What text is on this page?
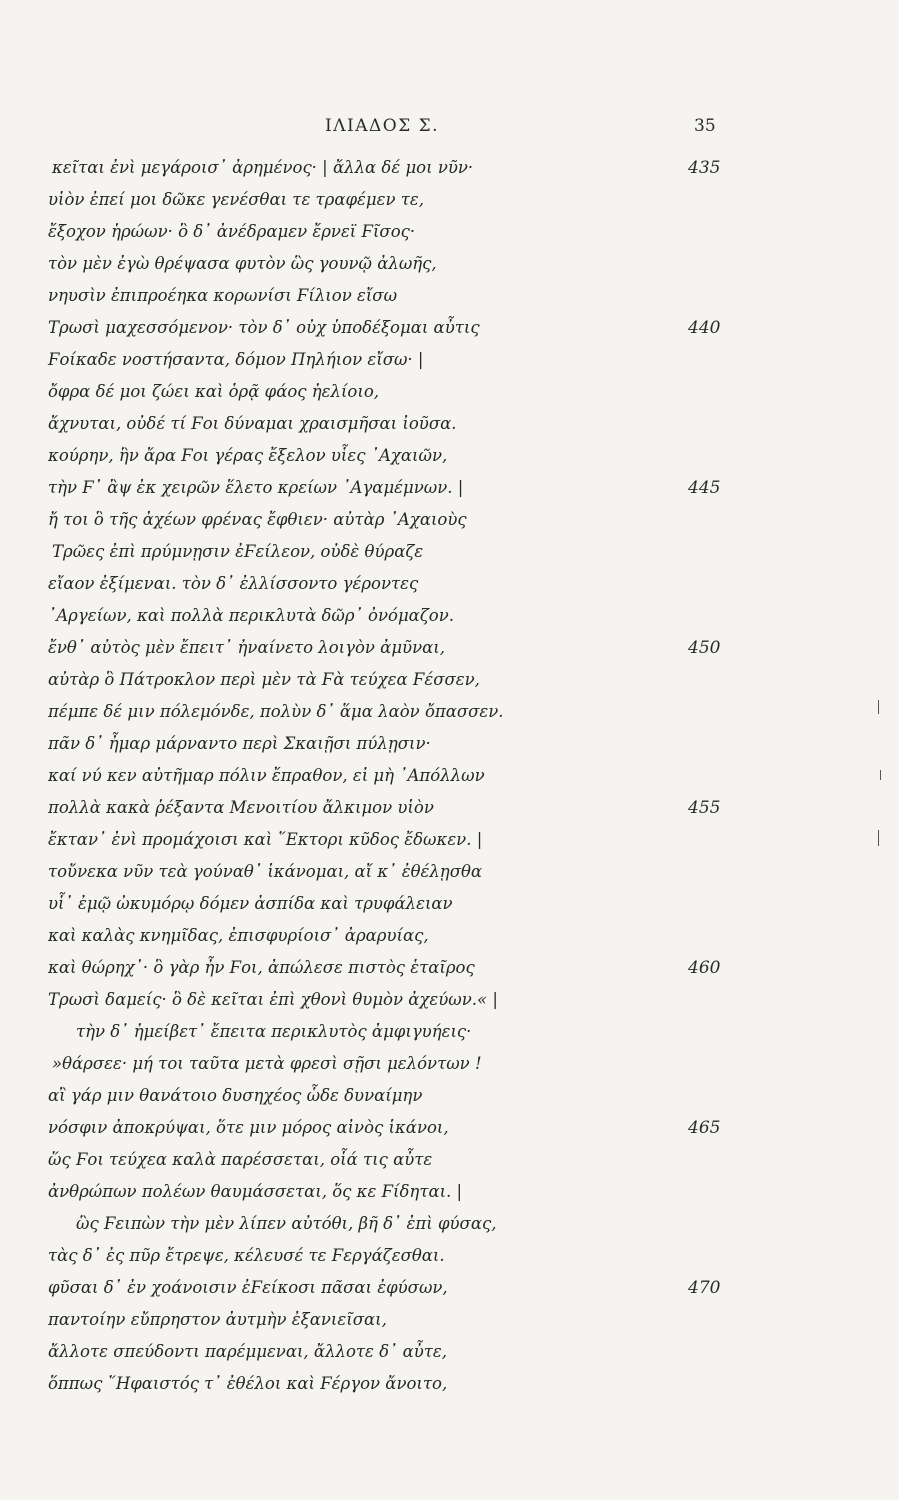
ΙΛΙΑΔΟΣ Σ.	35
κεῖται ἐνὶ μεγάροισ᾽ ἀρημένος· | ἄλλα δέ μοι νῦν·	435
υἱὸν ἐπεί μοι δῶκε γενέσθαι τε τραφέμεν τε,
ἔξοχον ἡρώων· ὃ δ᾽ ἀνέδραμεν ἔρνεϊ Ϝῖσος·
τὸν μὲν ἐγὼ θρέψασα φυτὸν ὣς γουνῷ ἀλωῆς,
νηυσὶν ἐπιπροέηκα κορωνίσι Ϝίλιον εἴσω
Τρωσὶ μαχεσσόμενον· τὸν δ᾽ οὐχ ὑποδέξομαι αὖτις	440
Ϝοίκαδε νοστήσαντα, δόμον Πηλήιον εἴσω· |
ὄφρα δέ μοι ζώει καὶ ὁρᾷ φάος ἠελίοιο,
ἄχνυται, οὐδέ τί Ϝοι δύναμαι χραισμῆσαι ἰοῦσα.
κούρην, ἣν ἄρα Ϝοι γέρας ἔξελον υἷες ᾿Αχαιῶν,
τὴν Ϝ᾽ ἂψ ἐκ χειρῶν ἕλετο κρείων ᾿Αγαμέμνων. |	445
ἤ τοι ὃ τῆς ἀχέων φρένας ἔφθιεν· αὐτὰρ ᾿Αχαιοὺς
Τρῶες ἐπὶ πρύμνῃσιν ἐϜείλεον, οὐδὲ θύραζε
εἴαον ἐξίμεναι. τὸν δ᾽ ἐλλίσσοντο γέροντες
᾿Αργείων, καὶ πολλὰ περικλυτὰ δῶρ᾽ ὀνόμαζον.
ἔνθ᾽ αὐτὸς μὲν ἔπειτ᾽ ἠναίνετο λοιγὸν ἀμῦναι,	450
αὐτὰρ ὃ Πάτροκλον περὶ μὲν τὰ Ϝὰ τεύχεα Ϝέσσεν,
πέμπε δέ μιν πόλεμόνδε, πολὺν δ᾽ ἅμα λαὸν ὄπασσεν.
πᾶν δ᾽ ἦμαρ μάρναντο περὶ Σκαιῇσι πύλῃσιν·
καί νύ κεν αὐτῆμαρ πόλιν ἔπραθον, εἰ μὴ ᾿Απόλλων
πολλὰ κακὰ ῥέξαντα Μενοιτίου ἄλκιμον υἱὸν	455
ἔκταν᾽ ἐνὶ προμάχοισι καὶ ῞Εκτορι κῦδος ἔδωκεν. |
τοὔνεκα νῦν τεὰ γούναθ᾽ ἱκάνομαι, αἴ κ᾽ ἐθέλῃσθα
υἷ᾽ ἐμῷ ὠκυμόρῳ δόμεν ἀσπίδα καὶ τρυφάλειαν
καὶ καλὰς κνημῖδας, ἐπισφυρίοισ᾽ ἀραρυίας,
καὶ θώρηχ᾽· ὃ γὰρ ἦν Ϝοι, ἀπώλεσε πιστὸς ἑταῖρος	460
Τρωσὶ δαμείς· ὃ δὲ κεῖται ἐπὶ χθονὶ θυμὸν ἀχεύων.« |
τὴν δ᾽ ἠμείβετ᾽ ἔπειτα περικλυτὸς ἀμφιγυήεις·
»θάρσεε· μή τοι ταῦτα μετὰ φρεσὶ σῇσι μελόντων !
αἲ γάρ μιν θανάτοιο δυσηχέος ὧδε δυναίμην
νόσφιν ἀποκρύψαι, ὅτε μιν μόρος αἰνὸς ἱκάνοι,	465
ὥς Ϝοι τεύχεα καλὰ παρέσσεται, οἷά τις αὖτε
ἀνθρώπων πολέων θαυμάσσεται, ὅς κε Ϝίδηται. |
ὣς Ϝειπὼν τὴν μὲν λίπεν αὐτόθι, βῆ δ᾽ ἐπὶ φύσας,
τὰς δ᾽ ἐς πῦρ ἔτρεψε, κέλευσέ τε Ϝεργάζεσθαι.
φῦσαι δ᾽ ἐν χοάνοισιν ἐϜείκοσι πᾶσαι ἐφύσων,	470
παντοίην εὔπρηστον ἀυτμὴν ἐξανιεῖσαι,
ἄλλοτε σπεύδοντι παρέμμεναι, ἄλλοτε δ᾽ αὖτε,
ὅππως ῞Ηφαιστός τ᾽ ἐθέλοι καὶ Ϝέργον ἄνοιτο,
